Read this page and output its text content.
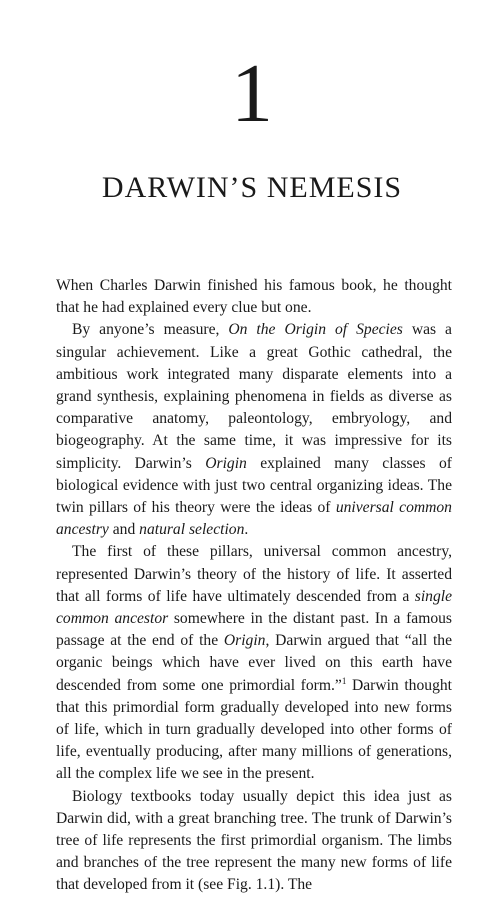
1
DARWIN’S NEMESIS

When Charles Darwin finished his famous book, he thought that he had explained every clue but one.

By anyone’s measure, On the Origin of Species was a singular achievement. Like a great Gothic cathedral, the ambitious work integrated many disparate elements into a grand synthesis, explaining phenomena in fields as diverse as comparative anatomy, paleontology, embryology, and biogeography. At the same time, it was impressive for its simplicity. Darwin’s Origin explained many classes of biological evidence with just two central organizing ideas. The twin pillars of his theory were the ideas of universal common ancestry and natural selection.

The first of these pillars, universal common ancestry, represented Darwin’s theory of the history of life. It asserted that all forms of life have ultimately descended from a single common ancestor somewhere in the distant past. In a famous passage at the end of the Origin, Darwin argued that “all the organic beings which have ever lived on this earth have descended from some one primordial form.”$^1$ Darwin thought that this primordial form gradually developed into new forms of life, which in turn gradually developed into other forms of life, eventually producing, after many millions of generations, all the complex life we see in the present.

Biology textbooks today usually depict this idea just as Darwin did, with a great branching tree. The trunk of Darwin’s tree of life represents the first primordial organism. The limbs and branches of the tree represent the many new forms of life that developed from it (see Fig. 1.1). The
